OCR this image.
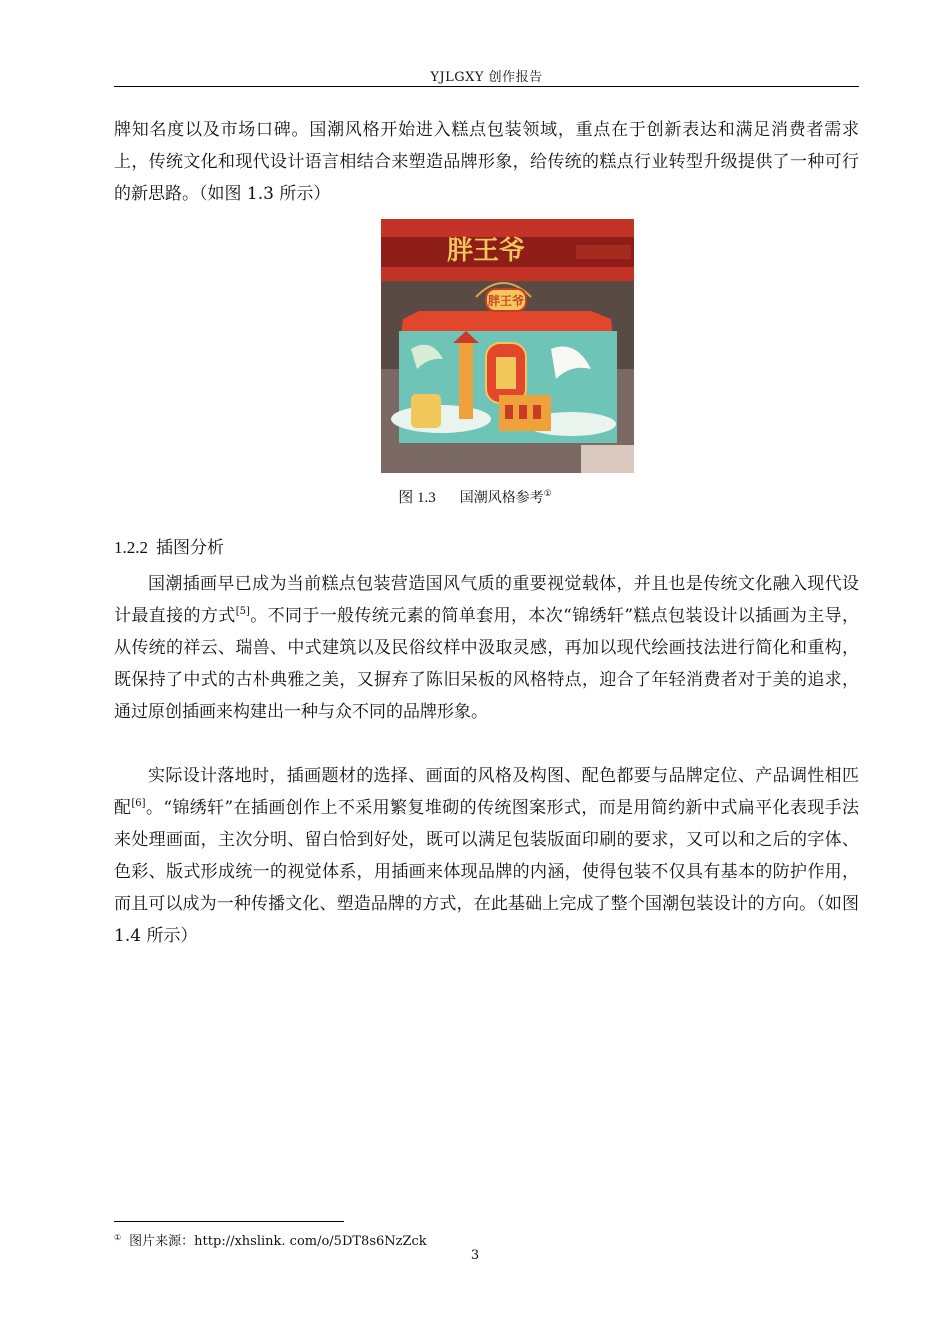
YJLGXY 创作报告

牌知名度以及市场口碑。国潮风格开始进入糕点包装领域，重点在于创新表达和满足消费者需求上，传统文化和现代设计语言相结合来塑造品牌形象，给传统的糕点行业转型升级提供了一种可行的新思路。（如图 1.3 所示）

胖王爷
胖王爷
图 1.3 国潮风格参考①
1.2.2 插图分析

国潮插画早已成为当前糕点包装营造国风气质的重要视觉载体，并且也是传统文化融入现代设计最直接的方式[5]。不同于一般传统元素的简单套用，本次“锦绣轩”糕点包装设计以插画为主导，从传统的祥云、瑞兽、中式建筑以及民俗纹样中汲取灵感，再加以现代绘画技法进行简化和重构，既保持了中式的古朴典雅之美，又摒弃了陈旧呆板的风格特点，迎合了年轻消费者对于美的追求，通过原创插画来构建出一种与众不同的品牌形象。

实际设计落地时，插画题材的选择、画面的风格及构图、配色都要与品牌定位、产品调性相匹配[6]。“锦绣轩”在插画创作上不采用繁复堆砌的传统图案形式，而是用简约新中式扁平化表现手法来处理画面，主次分明、留白恰到好处，既可以满足包装版面印刷的要求，又可以和之后的字体、色彩、版式形成统一的视觉体系，用插画来体现品牌的内涵，使得包装不仅具有基本的防护作用，而且可以成为一种传播文化、塑造品牌的方式，在此基础上完成了整个国潮包装设计的方向。（如图 1.4 所示）

① 图片来源：http://xhslink. com/o/5DT8s6NzZck
3
